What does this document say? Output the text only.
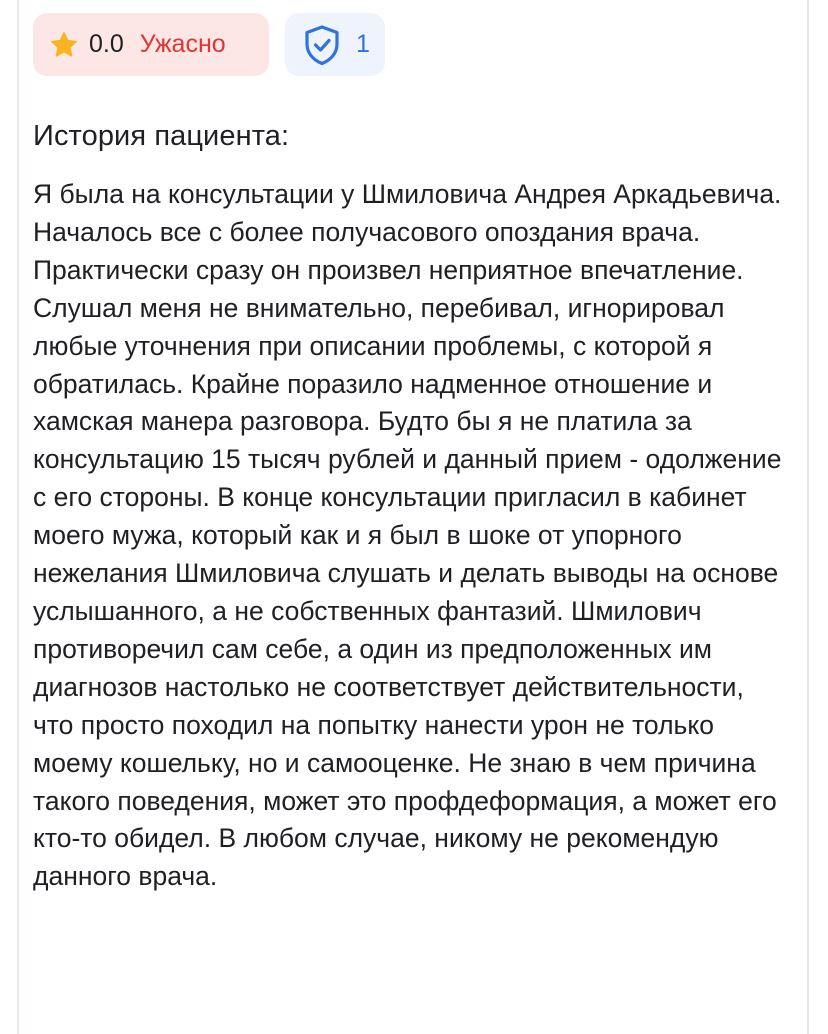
0.0 Ужасно	1
История пациента:

Я была на консультации у Шмиловича Андрея Аркадьевича. Началось все с более получасового опоздания врача. Практически сразу он произвел неприятное впечатление. Слушал меня не внимательно, перебивал, игнорировал любые уточнения при описании проблемы, с которой я обратилась. Крайне поразило надменное отношение и хамская манера разговора. Будто бы я не платила за консультацию 15 тысяч рублей и данный прием - одолжение с его стороны. В конце консультации пригласил в кабинет моего мужа, который как и я был в шоке от упорного нежелания Шмиловича слушать и делать выводы на основе услышанного, а не собственных фантазий. Шмилович противоречил сам себе, а один из предположенных им диагнозов настолько не соответствует действительности, что просто походил на попытку нанести урон не только моему кошельку, но и самооценке. Не знаю в чем причина такого поведения, может это профдеформация, а может его кто-то обидел. В любом случае, никому не рекомендую данного врача.
